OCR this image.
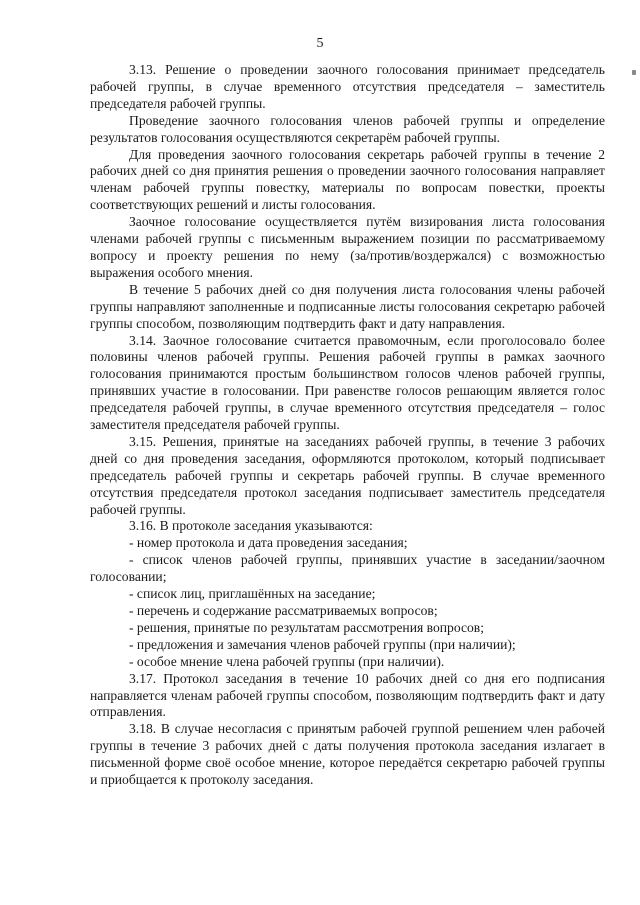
5

3.13. Решение о проведении заочного голосования принимает председатель рабочей группы, в случае временного отсутствия председателя – заместитель председателя рабочей группы.

Проведение заочного голосования членов рабочей группы и определение результатов голосования осуществляются секретарём рабочей группы.

Для проведения заочного голосования секретарь рабочей группы в течение 2 рабочих дней со дня принятия решения о проведении заочного голосования направляет членам рабочей группы повестку, материалы по вопросам повестки, проекты соответствующих решений и листы голосования.

Заочное голосование осуществляется путём визирования листа голосования членами рабочей группы с письменным выражением позиции по рассматриваемому вопросу и проекту решения по нему (за/против/воздержался) с возможностью выражения особого мнения.

В течение 5 рабочих дней со дня получения листа голосования члены рабочей группы направляют заполненные и подписанные листы голосования секретарю рабочей группы способом, позволяющим подтвердить факт и дату направления.

3.14. Заочное голосование считается правомочным, если проголосовало более половины членов рабочей группы. Решения рабочей группы в рамках заочного голосования принимаются простым большинством голосов членов рабочей группы, принявших участие в голосовании. При равенстве голосов решающим является голос председателя рабочей группы, в случае временного отсутствия председателя – голос заместителя председателя рабочей группы.

3.15. Решения, принятые на заседаниях рабочей группы, в течение 3 рабочих дней со дня проведения заседания, оформляются протоколом, который подписывает председатель рабочей группы и секретарь рабочей группы. В случае временного отсутствия председателя протокол заседания подписывает заместитель председателя рабочей группы.

3.16. В протоколе заседания указываются:

- номер протокола и дата проведения заседания;

- список членов рабочей группы, принявших участие в заседании/заочном голосовании;

- список лиц, приглашённых на заседание;

- перечень и содержание рассматриваемых вопросов;

- решения, принятые по результатам рассмотрения вопросов;

- предложения и замечания членов рабочей группы (при наличии);

- особое мнение члена рабочей группы (при наличии).

3.17. Протокол заседания в течение 10 рабочих дней со дня его подписания направляется членам рабочей группы способом, позволяющим подтвердить факт и дату отправления.

3.18. В случае несогласия с принятым рабочей группой решением член рабочей группы в течение 3 рабочих дней с даты получения протокола заседания излагает в письменной форме своё особое мнение, которое передаётся секретарю рабочей группы и приобщается к протоколу заседания.
